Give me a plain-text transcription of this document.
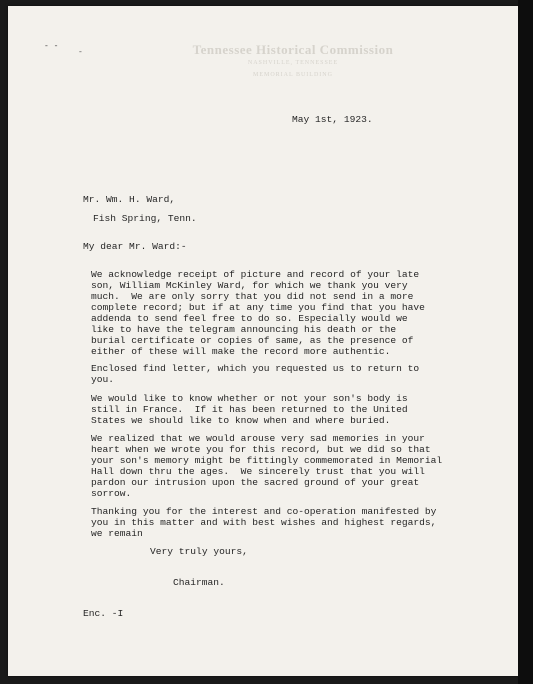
- -
-	Tennessee Historical Commission
NASHVILLE, TENNESSEE
MEMORIAL BUILDING
May 1st, 1923.
Mr. Wm. H. Ward,
Fish Spring, Tenn.
My dear Mr. Ward:-
We acknowledge receipt of picture and record of your late
son, William McKinley Ward, for which we thank you very
much.  We are only sorry that you did not send in a more
complete record; but if at any time you find that you have
addenda to send feel free to do so. Especially would we
like to have the telegram announcing his death or the
burial certificate or copies of same, as the presence of
either of these will make the record more authentic.
Enclosed find letter, which you requested us to return to
you.
We would like to know whether or not your son's body is
still in France.  If it has been returned to the United
States we should like to know when and where buried.
We realized that we would arouse very sad memories in your
heart when we wrote you for this record, but we did so that
your son's memory might be fittingly commemorated in Memorial
Hall down thru the ages.  We sincerely trust that you will
pardon our intrusion upon the sacred ground of your great
sorrow.
Thanking you for the interest and co-operation manifested by
you in this matter and with best wishes and highest regards,
we remain
Very truly yours,
Chairman.
Enc. -I
